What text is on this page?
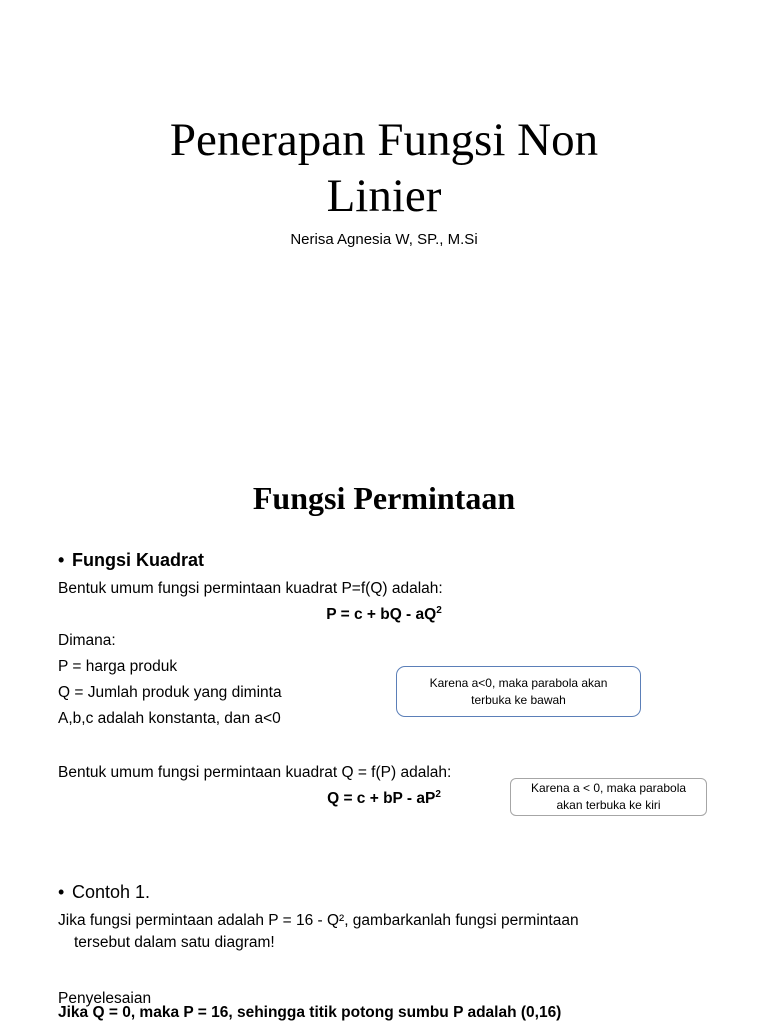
Penerapan Fungsi Non
Linier
Nerisa Agnesia W, SP., M.Si
Fungsi Permintaan
• Fungsi Kuadrat
Bentuk umum fungsi permintaan kuadrat P=f(Q) adalah:
P = c + bQ - $aQ^2$
Dimana:
P = harga produk
Q = Jumlah produk yang diminta
A,b,c adalah konstanta, dan a<0
Karena a<0, maka parabola akan terbuka ke bawah
Bentuk umum fungsi permintaan kuadrat Q = f(P) adalah:
Q = c + bP - $aP^2$	Karena a < 0, maka parabola akan terbuka ke kiri
• Contoh 1.
Jika fungsi permintaan adalah P = 16 - Q², gambarkanlah fungsi permintaan
tersebut dalam satu diagram!
Penyelesaian
Jika Q = 0, maka P = 16, sehingga titik potong sumbu P adalah (0,16)
